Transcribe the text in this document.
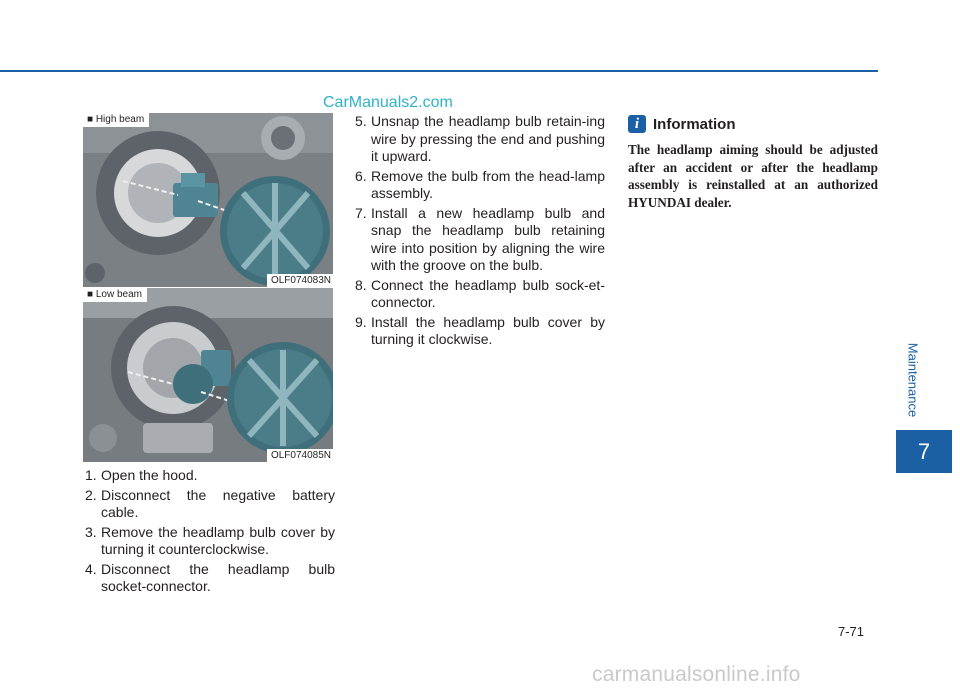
CarManuals2.com
■ High beam
OLF074083N
■ Low beam
OLF074085N
1. Open the hood.
2. Disconnect the negative battery cable.
3. Remove the headlamp bulb cover by turning it counterclockwise.
4. Disconnect the headlamp bulb socket-connector.
5. Unsnap the headlamp bulb retain-ing wire by pressing the end and pushing it upward.
6. Remove the bulb from the head-lamp assembly.
7. Install a new headlamp bulb and snap the headlamp bulb retaining wire into position by aligning the wire with the groove on the bulb.
8. Connect the headlamp bulb sock-et-connector.
9. Install the headlamp bulb cover by turning it clockwise.
i Information
The headlamp aiming should be adjusted after an accident or after the headlamp assembly is reinstalled at an authorized HYUNDAI dealer.
Maintenance
7
7-71
carmanualsonline.info
